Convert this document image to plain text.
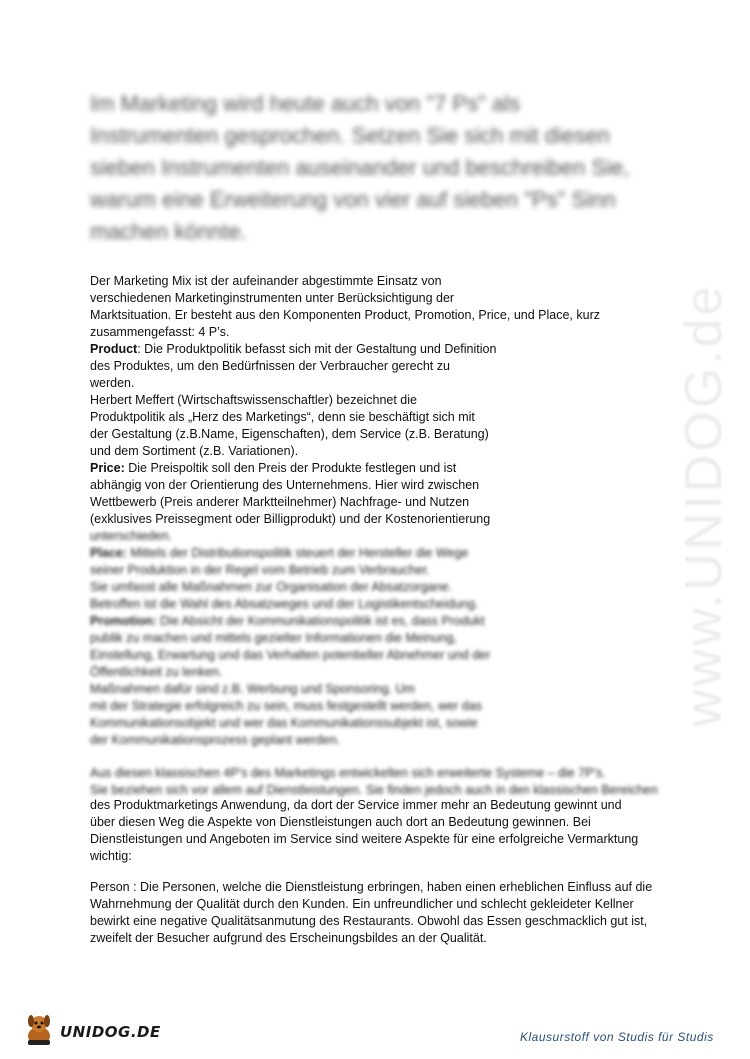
Im Marketing wird heute auch von "7 Ps" als
Instrumenten gesprochen. Setzen Sie sich mit diesen
sieben Instrumenten auseinander und beschreiben Sie,
warum eine Erweiterung von vier auf sieben "Ps" Sinn
machen könnte.
www.UNIDOG.de

Der Marketing Mix ist der aufeinander abgestimmte Einsatz von

verschiedenen Marketinginstrumenten unter Berücksichtigung der

Marktsituation. Er besteht aus den Komponenten Product, Promotion, Price, und Place, kurz

zusammengefasst: 4 P’s.

Product: Die Produktpolitik befasst sich mit der Gestaltung und Definition

des Produktes, um den Bedürfnissen der Verbraucher gerecht zu

werden.

Herbert Meffert (Wirtschaftswissenschaftler) bezeichnet die

Produktpolitik als „Herz des Marketings“, denn sie beschäftigt sich mit

der Gestaltung (z.B.Name, Eigenschaften), dem Service (z.B. Beratung)

und dem Sortiment (z.B. Variationen).

Price: Die Preispoltik soll den Preis der Produkte festlegen und ist

abhängig von der Orientierung des Unternehmens. Hier wird zwischen

Wettbewerb (Preis anderer Marktteilnehmer) Nachfrage- und Nutzen

(exklusives Preissegment oder Billigprodukt) und der Kostenorientierung

unterschieden.

Place: Mittels der Distributionspolitik steuert der Hersteller die Wege

seiner Produktion in der Regel vom Betrieb zum Verbraucher.

Sie umfasst alle Maßnahmen zur Organisation der Absatzorgane.

Betroffen ist die Wahl des Absatzweges und der Logistikentscheidung.

Promotion: Die Absicht der Kommunikationspolitik ist es, dass Produkt

publik zu machen und mittels gezielter Informationen die Meinung,

Einstellung, Erwartung und das Verhalten potentieller Abnehmer und der

Öffentlichkeit zu lenken.

Maßnahmen dafür sind z.B. Werbung und Sponsoring. Um

mit der Strategie erfolgreich zu sein, muss festgestellt werden, wer das

Kommunikationsobjekt und wer das Kommunikationssubjekt ist, sowie

der Kommunikationsprozess geplant werden.

Aus diesen klassischen 4P’s des Marketings entwickelten sich erweiterte Systeme – die 7P’s.

Sie beziehen sich vor allem auf Dienstleistungen. Sie finden jedoch auch in den klassischen Bereichen

des Produktmarketings Anwendung, da dort der Service immer mehr an Bedeutung gewinnt und

über diesen Weg die Aspekte von Dienstleistungen auch dort an Bedeutung gewinnen. Bei

Dienstleistungen und Angeboten im Service sind weitere Aspekte für eine erfolgreiche Vermarktung

wichtig:

Person : Die Personen, welche die Dienstleistung erbringen, haben einen erheblichen Einfluss auf die

Wahrnehmung der Qualität durch den Kunden. Ein unfreundlicher und schlecht gekleideter Kellner

bewirkt eine negative Qualitätsanmutung des Restaurants. Obwohl das Essen geschmacklich gut ist,

zweifelt der Besucher aufgrund des Erscheinungsbildes an der Qualität.

UNIDOG.DE	Klausurstoff von Studis für Studis
